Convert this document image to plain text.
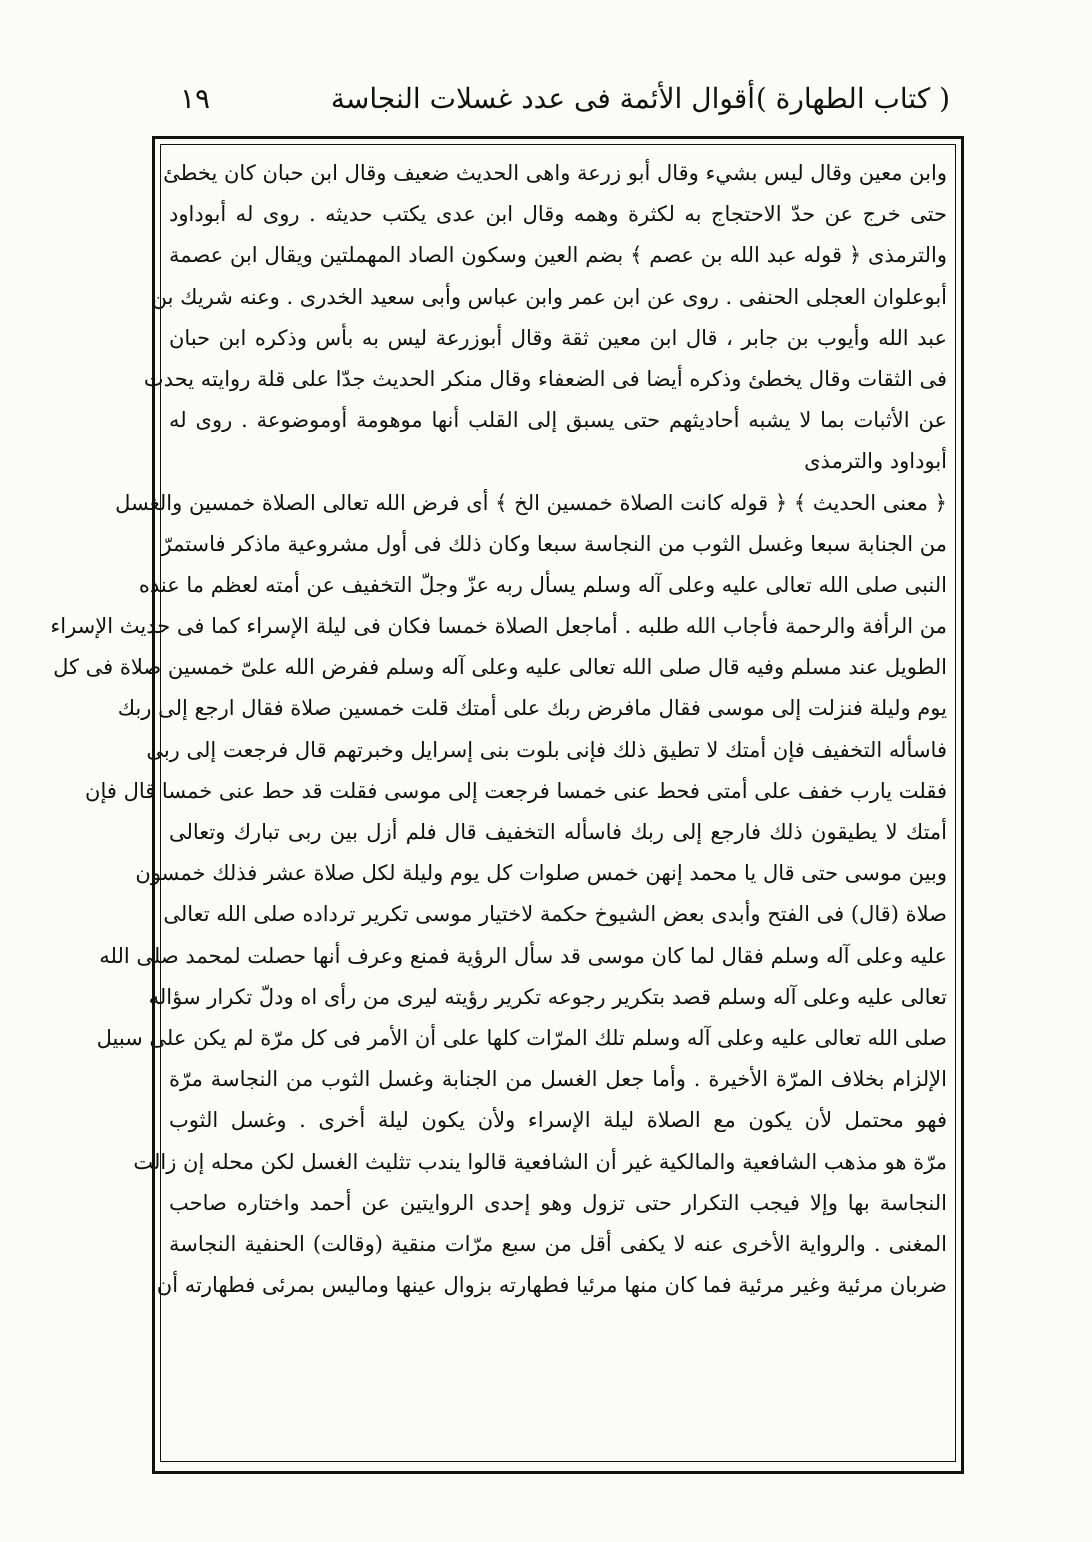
( كتاب الطهارة )
أقوال الأئمة فى عدد غسلات النجاسة
١٩
وابن معين وقال ليس بشيء وقال أبو زرعة واهى الحديث ضعيف وقال ابن حبان كان يخطئ
حتى خرج عن حدّ الاحتجاج به لكثرة وهمه وقال ابن عدى يكتب حديثه . روى له أبوداود
والترمذى ﴿ قوله عبد الله بن عصم ﴾ بضم العين وسكون الصاد المهملتين ويقال ابن عصمة
أبوعلوان العجلى الحنفى . روى عن ابن عمر وابن عباس وأبى سعيد الخدرى . وعنه شريك بن
عبد الله وأيوب بن جابر ، قال ابن معين ثقة وقال أبوزرعة ليس به بأس وذكره ابن حبان
فى الثقات وقال يخطئ وذكره أيضا فى الضعفاء وقال منكر الحديث جدّا على قلة روايته يحدث
عن الأثبات بما لا يشبه أحاديثهم حتى يسبق إلى القلب أنها موهومة أوموضوعة . روى له
أبوداود والترمذى
﴿ معنى الحديث ﴾ ﴿ قوله كانت الصلاة خمسين الخ ﴾ أى فرض الله تعالى الصلاة خمسين والغسل
من الجنابة سبعا وغسل الثوب من النجاسة سبعا وكان ذلك فى أول مشروعية ماذكر فاستمرّ
النبى صلى الله تعالى عليه وعلى آله وسلم يسأل ربه عزّ وجلّ التخفيف عن أمته لعظم ما عنده
من الرأفة والرحمة فأجاب الله طلبه . أماجعل الصلاة خمسا فكان فى ليلة الإسراء كما فى حديث الإسراء
الطويل عند مسلم وفيه قال صلى الله تعالى عليه وعلى آله وسلم ففرض الله علىّ خمسين صلاة فى كل
يوم وليلة فنزلت إلى موسى فقال مافرض ربك على أمتك قلت خمسين صلاة فقال ارجع إلى ربك
فاسأله التخفيف فإن أمتك لا تطيق ذلك فإنى بلوت بنى إسرايل وخبرتهم قال فرجعت إلى ربى
فقلت يارب خفف على أمتى فحط عنى خمسا فرجعت إلى موسى فقلت قد حط عنى خمسا قال فإن
أمتك لا يطيقون ذلك فارجع إلى ربك فاسأله التخفيف قال فلم أزل بين ربى تبارك وتعالى
وبين موسى حتى قال يا محمد إنهن خمس صلوات كل يوم وليلة لكل صلاة عشر فذلك خمسون
صلاة (قال) فى الفتح وأبدى بعض الشيوخ حكمة لاختيار موسى تكرير ترداده صلى الله تعالى
عليه وعلى آله وسلم فقال لما كان موسى قد سأل الرؤية فمنع وعرف أنها حصلت لمحمد صلى الله
تعالى عليه وعلى آله وسلم قصد بتكرير رجوعه تكرير رؤيته ليرى من رأى اه ودلّ تكرار سؤاله
صلى الله تعالى عليه وعلى آله وسلم تلك المرّات كلها على أن الأمر فى كل مرّة لم يكن على سبيل
الإلزام بخلاف المرّة الأخيرة . وأما جعل الغسل من الجنابة وغسل الثوب من النجاسة مرّة
فهو محتمل لأن يكون مع الصلاة ليلة الإسراء ولأن يكون ليلة أخرى . وغسل الثوب
مرّة هو مذهب الشافعية والمالكية غير أن الشافعية قالوا يندب تثليث الغسل لكن محله إن زالت
النجاسة بها وإلا فيجب التكرار حتى تزول وهو إحدى الروايتين عن أحمد واختاره صاحب
المغنى . والرواية الأخرى عنه لا يكفى أقل من سبع مرّات منقية (وقالت) الحنفية النجاسة
ضربان مرئية وغير مرئية فما كان منها مرئيا فطهارته بزوال عينها وماليس بمرئى فطهارته أن
